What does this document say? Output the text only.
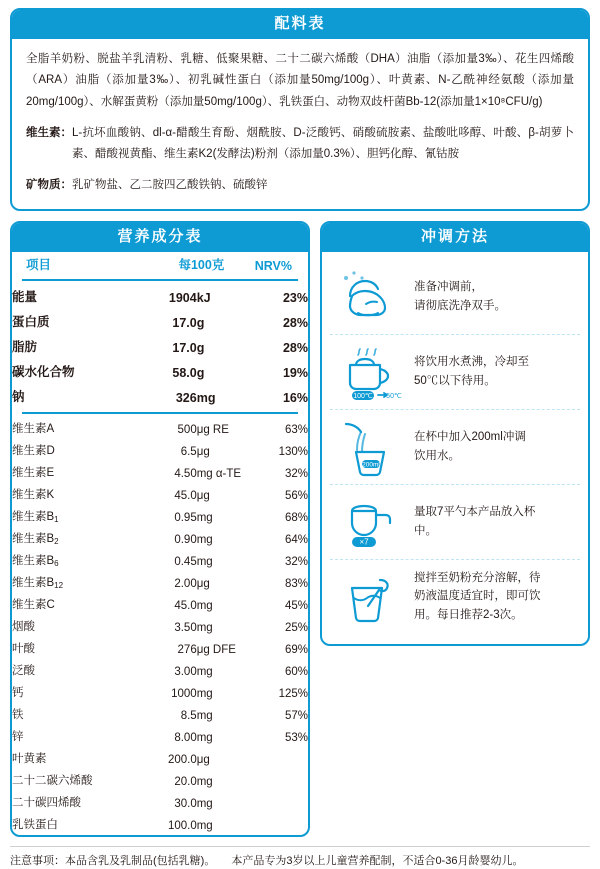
配料表

全脂羊奶粉、脱盐羊乳清粉、乳糖、低聚果糖、二十二碳六烯酸（DHA）油脂（添加量3‰）、花生四烯酸（ARA）油脂（添加量3‰）、初乳碱性蛋白（添加量50mg/100g）、叶黄素、N-乙酰神经氨酸（添加量20mg/100g）、水解蛋黄粉（添加量50mg/100g）、乳铁蛋白、动物双歧杆菌Bb-12(添加量1×10⁸CFU/g)

维生素： L-抗坏血酸钠、dl-α-醋酸生育酚、烟酰胺、D-泛酸钙、硝酸硫胺素、盐酸吡哆醇、叶酸、β-胡萝卜素、醋酸视黄酯、维生素K2(发酵法)粉剂（添加量0.3%）、胆钙化醇、氰钴胺
矿物质： 乳矿物盐、乙二胺四乙酸铁钠、硫酸锌
营养成分表
项目	每100克		NRV%

能量	1904	kJ	23%
蛋白质	17.0	g	28%
脂肪	17.0	g	28%
碳水化合物	58.0	g	19%
钠	326	mg	16%

维生素A	500	μg RE	63%
维生素D	6.5	μg	130%
维生素E	4.50	mg α-TE	32%
维生素K	45.0	μg	56%
维生素$B_1$	0.95	mg	68%
维生素$B_2$	0.90	mg	64%
维生素$B_6$	0.45	mg	32%
维生素$B_{12}$	2.00	μg	83%
维生素C	45.0	mg	45%
烟酸	3.50	mg	25%
叶酸	276	μg DFE	69%
泛酸	3.00	mg	60%
钙	1000	mg	125%
铁	8.5	mg	57%
锌	8.00	mg	53%
叶黄素	200.0	μg	
二十二碳六烯酸	20.0	mg	
二十碳四烯酸	30.0	mg	
乳铁蛋白	100.0	mg	
冲调方法
准备冲调前，
请彻底洗净双手。
100℃ 50℃
将饮用水煮沸，冷却至
50℃以下待用。
200ml
在杯中加入200ml冲调
饮用水。
×7
量取7平勺本产品放入杯
中。
搅拌至奶粉充分溶解，待
奶液温度适宜时，即可饮
用。每日推荐2-3次。
注意事项：本品含乳及乳制品(包括乳糖)。 本产品专为3岁以上儿童营养配制，不适合0-36月龄婴幼儿。
